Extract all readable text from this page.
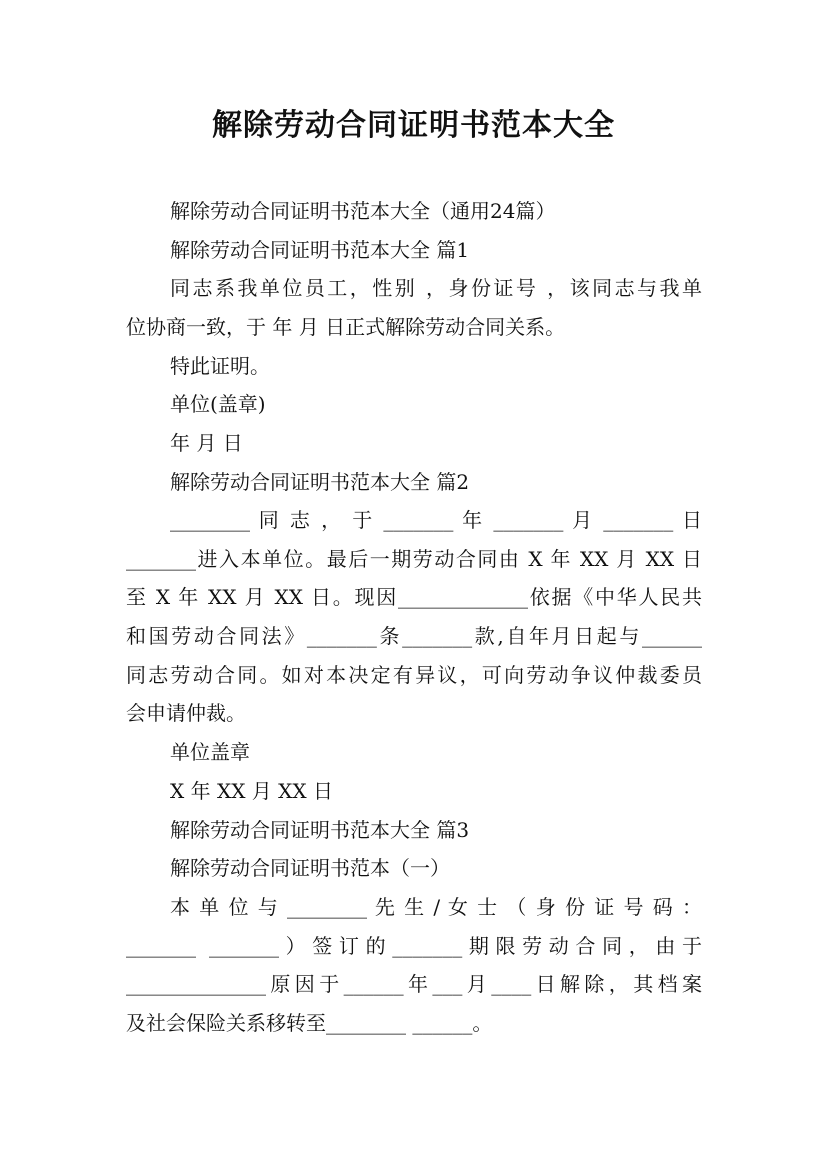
解除劳动合同证明书范本大全
解除劳动合同证明书范本大全（通用24篇）
解除劳动合同证明书范本大全 篇1
同志系我单位员工，性别 ，身份证号 ，该同志与我单
位协商一致，于 年 月 日正式解除劳动合同关系。
特此证明。
单位(盖章)
年 月 日
解除劳动合同证明书范本大全 篇2
________ 同 志 ， 于 _______ 年 _______ 月 _______ 日
_______进入本单位。最后一期劳动合同由 X 年 XX 月 XX 日
至 X 年 XX 月 XX 日。现因_____________依据《中华人民共
和国劳动合同法》_______条_______款,自年月日起与______
同志劳动合同。如对本决定有异议，可向劳动争议仲裁委员
会申请仲裁。
单位盖章
X 年 XX 月 XX 日
解除劳动合同证明书范本大全 篇3
解除劳动合同证明书范本（一）
本 单 位 与 ________ 先 生 / 女 士 （ 身 份 证 号 码 ：
_______ _______）签订的_______期限劳动合同，由于
______________原因于______年___月____日解除，其档案
及社会保险关系移转至________ ______。
